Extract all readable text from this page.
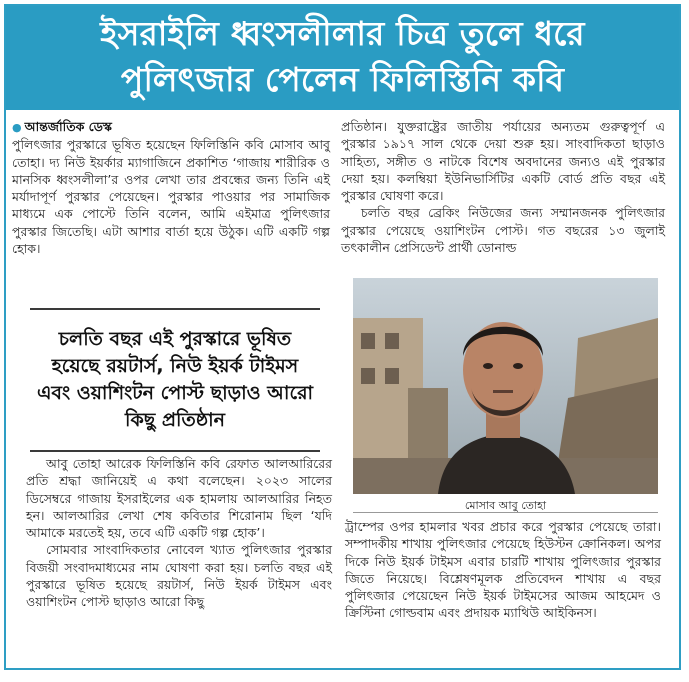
ইসরাইলি ধ্বংসলীলার চিত্র তুলে ধরে
পুলিৎজার পেলেন ফিলিস্তিনি কবি
● আন্তর্জাতিক ডেস্ক

পুলিৎজার পুরস্কারে ভূষিত হয়েছেন ফিলিস্তিনি কবি মোসাব আবু তোহা। দ্য নিউ ইয়র্কার ম্যাগাজিনে প্রকাশিত ‘গাজায় শারীরিক ও মানসিক ধ্বংসলীলা’র ওপর লেখা তার প্রবন্ধের জন্য তিনি এই মর্যাদাপূর্ণ পুরস্কার পেয়েছেন। পুরস্কার পাওয়ার পর সামাজিক মাধ্যমে এক পোস্টে তিনি বলেন, আমি এইমাত্র পুলিৎজার পুরস্কার জিতেছি। এটা আশার বার্তা হয়ে উঠুক। এটি একটি গল্প হোক।

চলতি বছর এই পুরস্কারে ভূষিত হয়েছে রয়টার্স, নিউ ইয়র্ক টাইমস এবং ওয়াশিংটন পোস্ট ছাড়াও আরো কিছু প্রতিষ্ঠান

আবু তোহা আরেক ফিলিস্তিনি কবি রেফাত আলআরিরের প্রতি শ্রদ্ধা জানিয়েই এ কথা বলেছেন। ২০২৩ সালের ডিসেম্বরে গাজায় ইসরাইলের এক হামলায় আলআরির নিহত হন। আলআরির লেখা শেষ কবিতার শিরোনাম ছিল ‘যদি আমাকে মরতেই হয়, তবে এটি একটি গল্প হোক’।

সোমবার সাংবাদিকতার নোবেল খ্যাত পুলিৎজার পুরস্কার বিজয়ী সংবাদমাধ্যমের নাম ঘোষণা করা হয়। চলতি বছর এই পুরস্কারে ভূষিত হয়েছে রয়টার্স, নিউ ইয়র্ক টাইমস এবং ওয়াশিংটন পোস্ট ছাড়াও আরো কিছু

প্রতিষ্ঠান। যুক্তরাষ্ট্রের জাতীয় পর্যায়ের অন্যতম গুরুত্বপূর্ণ এ পুরস্কার ১৯১৭ সাল থেকে দেয়া শুরু হয়। সাংবাদিকতা ছাড়াও সাহিত্য, সঙ্গীত ও নাটকে বিশেষ অবদানের জন্যও এই পুরস্কার দেয়া হয়। কলম্বিয়া ইউনিভার্সিটির একটি বোর্ড প্রতি বছর এই পুরস্কার ঘোষণা করে।

চলতি বছর ব্রেকিং নিউজের জন্য সম্মানজনক পুলিৎজার পুরস্কার পেয়েছে ওয়াশিংটন পোস্ট। গত বছরের ১৩ জুলাই তৎকালীন প্রেসিডেন্ট প্রার্থী ডোনাল্ড

মোসাব আবু তোহা

ট্রাম্পের ওপর হামলার খবর প্রচার করে পুরস্কার পেয়েছে তারা। সম্পাদকীয় শাখায় পুলিৎজার পেয়েছে হিউস্টন ক্রোনিকল। অপর দিকে নিউ ইয়র্ক টাইমস এবার চারটি শাখায় পুলিৎজার পুরস্কার জিতে নিয়েছে। বিশ্লেষণমূলক প্রতিবেদন শাখায় এ বছর পুলিৎজার পেয়েছেন নিউ ইয়র্ক টাইমসের আজম আহমেদ ও ক্রিস্টিনা গোল্ডবাম এবং প্রদায়ক ম্যাথিউ আইকিনস।
